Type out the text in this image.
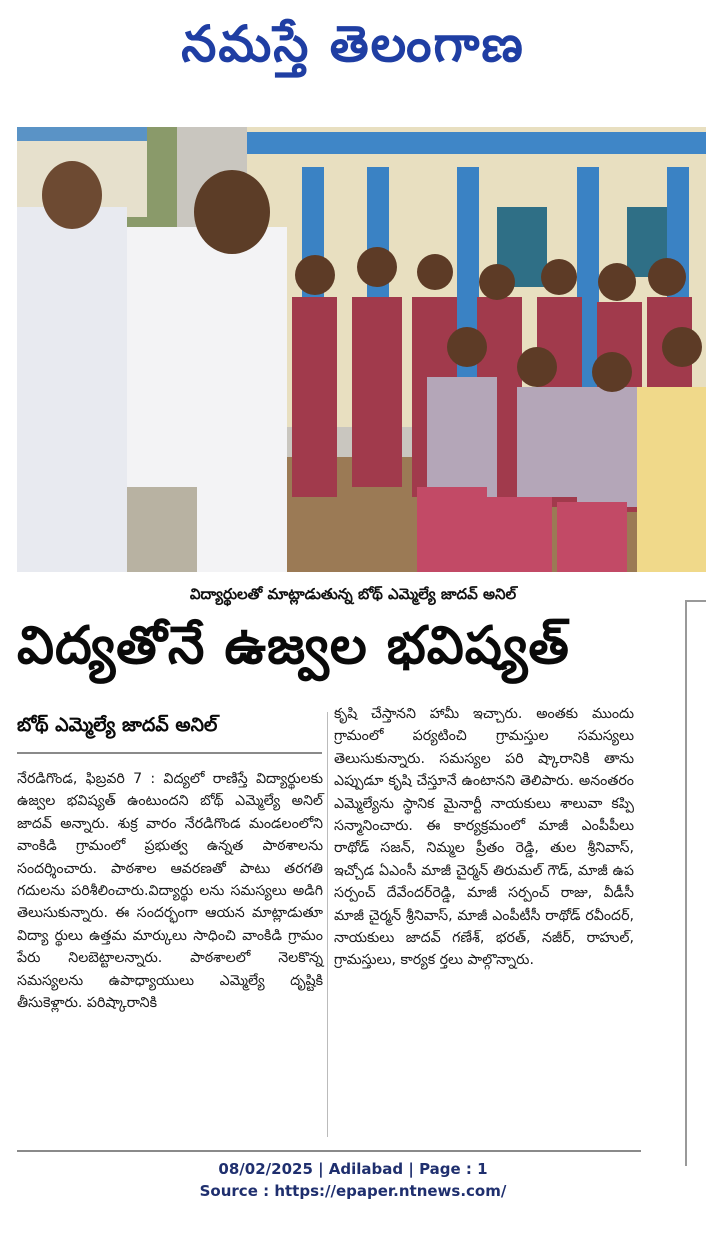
నమస్తే తెలంగాణ
విద్యార్థులతో మాట్లాడుతున్న బోథ్ ఎమ్మెల్యే జాదవ్ అనిల్
విద్యతోనే ఉజ్వల భవిష్యత్
బోథ్ ఎమ్మెల్యే జాదవ్ అనిల్
నేరడిగొండ, ఫిబ్రవరి 7 : విద్యలో రాణిస్తే విద్యార్థులకు ఉజ్వల భవిష్యత్ ఉంటుందని బోథ్ ఎమ్మెల్యే అనిల్ జాదవ్ అన్నారు. శుక్ర వారం నేరడిగొండ మండలంలోని వాంకిడి గ్రామంలో ప్రభుత్వ ఉన్నత పాఠశాలను సందర్శించారు. పాఠశాల ఆవరణతో పాటు తరగతి గదులను పరిశీలించారు.విద్యార్థు లను సమస్యలు అడిగి తెలుసుకున్నారు. ఈ సందర్భంగా ఆయన మాట్లాడుతూ విద్యా ర్థులు ఉత్తమ మార్కులు సాధించి వాంకిడి గ్రామం పేరు నిలబెట్టాలన్నారు. పాఠశాలలో నెలకొన్న సమస్యలను ఉపాధ్యాయులు ఎమ్మెల్యే దృష్టికి తీసుకెళ్లారు. పరిష్కారానికి
కృషి చేస్తానని హామీ ఇచ్చారు. అంతకు ముందు గ్రామంలో పర్యటించి గ్రామస్తుల సమస్యలు తెలుసుకున్నారు. సమస్యల పరి ష్కారానికి తాను ఎప్పుడూ కృషి చేస్తూనే ఉంటానని తెలిపారు. అనంతరం ఎమ్మెల్యేను స్థానిక మైనార్టీ నాయకులు శాలువా కప్పి సన్మానించారు. ఈ కార్యక్రమంలో మాజీ ఎంపీపీలు రాథోడ్ సజన్, నిమ్మల ప్రీతం రెడ్డి, తుల శ్రీనివాస్, ఇచ్చోడ ఏఎంసీ మాజీ చైర్మన్ తిరుమల్ గౌడ్, మాజీ ఉప సర్పంచ్ దేవేందర్‌రెడ్డి, మాజీ సర్పంచ్ రాజు, వీడీసీ మాజీ చైర్మన్ శ్రీనివాస్, మాజీ ఎంపీటీసీ రాథోడ్ రవీందర్, నాయకులు జాదవ్ గణేశ్, భరత్, నజీర్, రాహుల్, గ్రామస్తులు, కార్యక ర్తలు పాల్గొన్నారు.
08/02/2025 | Adilabad | Page : 1
Source : https://epaper.ntnews.com/
